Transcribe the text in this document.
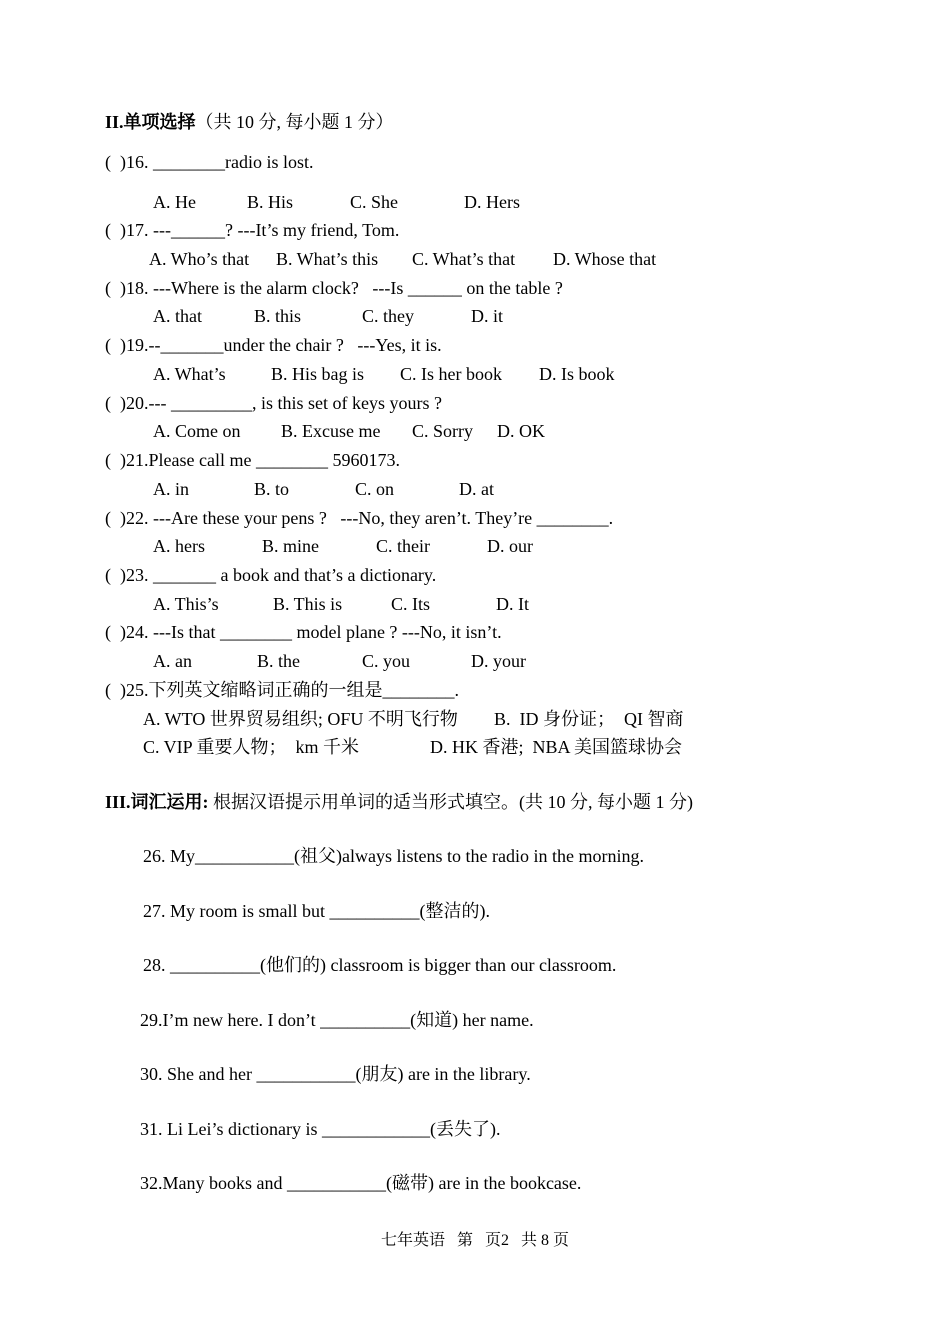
II.单项选择（共 10 分, 每小题 1 分）
(  )16. ________radio is lost.

A. He

	B. His

	C. She

	D. Hers

(  )17. ---______? ---It’s my friend, Tom.

A. Who’s that

B. What’s this

C. What’s that

D. Whose that

(  )18. ---Where is the alarm clock?   ---Is ______ on the table ?

A. that

	B. this

	C. they

	D. it

(  )19.--_______under the chair ?   ---Yes, it is.

A. What’s

	B. His bag is

C. Is her book

D. Is book

(  )20.--- _________, is this set of keys yours ?

A. Come on

B. Excuse me

C. Sorry

D. OK

(  )21.Please call me ________ 5960173.

A. in

	B. to

	C. on

	D. at

(  )22. ---Are these your pens ?   ---No, they aren’t. They’re ________.

A. hers

	B. mine

	C. their

	D. our

(  )23. _______ a book and that’s a dictionary.

A. This’s

	B. This is

	C. Its

	D. It

(  )24. ---Is that ________ model plane ? ---No, it isn’t.

A. an

	B. the

	C. you

	D. your

(  )25.下列英文缩略词正确的一组是________.

A. WTO 世界贸易组织; OFU 不明飞行物

B.  ID 身份证；  QI 智商

C. VIP 重要人物；  km 千米

	D. HK 香港;  NBA 美国篮球协会

III.词汇运用: 根据汉语提示用单词的适当形式填空。(共 10 分, 每小题 1 分)
26. My___________(祖父)always listens to the radio in the morning.
27. My room is small but __________(整洁的).
28. __________(他们的) classroom is bigger than our classroom.
29.I’m new here. I don’t __________(知道) her name.
30. She and her ___________(朋友) are in the library.
31. Li Lei’s dictionary is ____________(丢失了).
32.Many books and ___________(磁带) are in the bookcase.
七年英语   第   页2   共 8 页
